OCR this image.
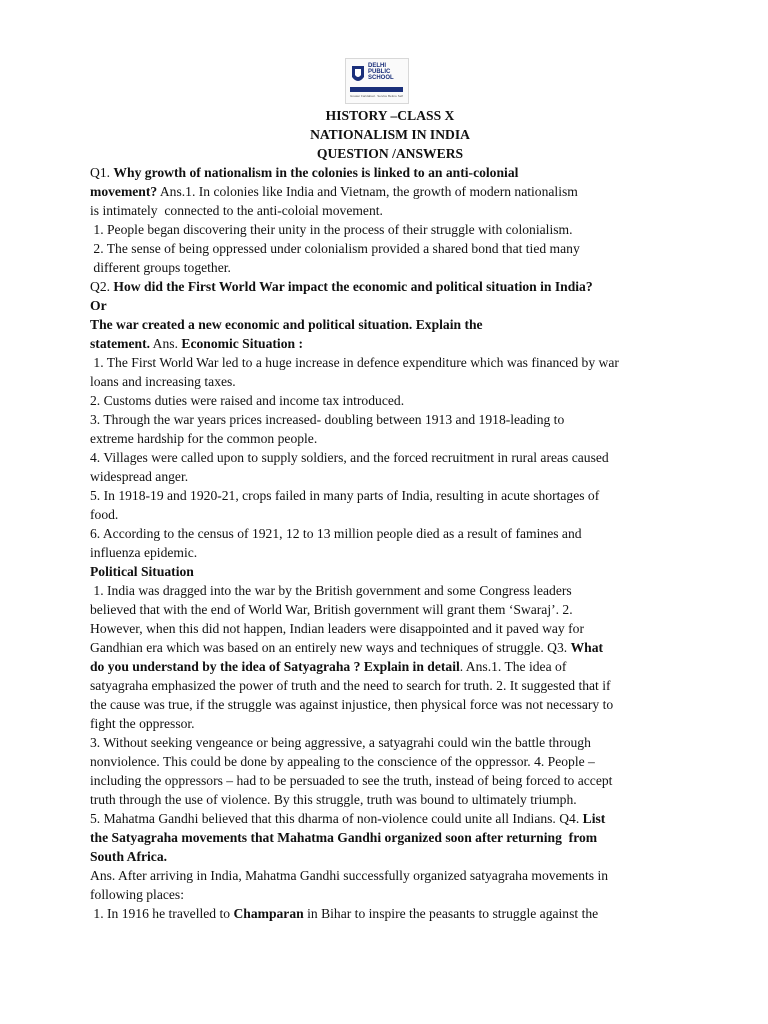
DELHI
PUBLIC
SCHOOL
Greater Faridabad · Service Before Self
HISTORY –CLASS X
NATIONALISM IN INDIA
QUESTION /ANSWERS

Q1. Why growth of nationalism in the colonies is linked to an anti-colonial

movement? Ans.1. In colonies like India and Vietnam, the growth of modern nationalism

is intimately  connected to the anti-coloial movement.

1. People began discovering their unity in the process of their struggle with colonialism.

2. The sense of being oppressed under colonialism provided a shared bond that tied many

different groups together.

Q2. How did the First World War impact the economic and political situation in India?

Or

The war created a new economic and political situation. Explain the

statement. Ans. Economic Situation :

1. The First World War led to a huge increase in defence expenditure which was financed by war

loans and increasing taxes.

2. Customs duties were raised and income tax introduced.

3. Through the war years prices increased- doubling between 1913 and 1918-leading to

extreme hardship for the common people.

4. Villages were called upon to supply soldiers, and the forced recruitment in rural areas caused

widespread anger.

5. In 1918-19 and 1920-21, crops failed in many parts of India, resulting in acute shortages of

food.

6. According to the census of 1921, 12 to 13 million people died as a result of famines and

influenza epidemic.

Political Situation

1. India was dragged into the war by the British government and some Congress leaders

believed that with the end of World War, British government will grant them ‘Swaraj’. 2.

However, when this did not happen, Indian leaders were disappointed and it paved way for

Gandhian era which was based on an entirely new ways and techniques of struggle. Q3. What

do you understand by the idea of Satyagraha ? Explain in detail. Ans.1. The idea of

satyagraha emphasized the power of truth and the need to search for truth. 2. It suggested that if

the cause was true, if the struggle was against injustice, then physical force was not necessary to

fight the oppressor.

3. Without seeking vengeance or being aggressive, a satyagrahi could win the battle through

nonviolence. This could be done by appealing to the conscience of the oppressor. 4. People –

including the oppressors – had to be persuaded to see the truth, instead of being forced to accept

truth through the use of violence. By this struggle, truth was bound to ultimately triumph.

5. Mahatma Gandhi believed that this dharma of non-violence could unite all Indians. Q4. List

the Satyagraha movements that Mahatma Gandhi organized soon after returning  from

South Africa.

Ans. After arriving in India, Mahatma Gandhi successfully organized satyagraha movements in

following places:

1. In 1916 he travelled to Champaran in Bihar to inspire the peasants to struggle against the
